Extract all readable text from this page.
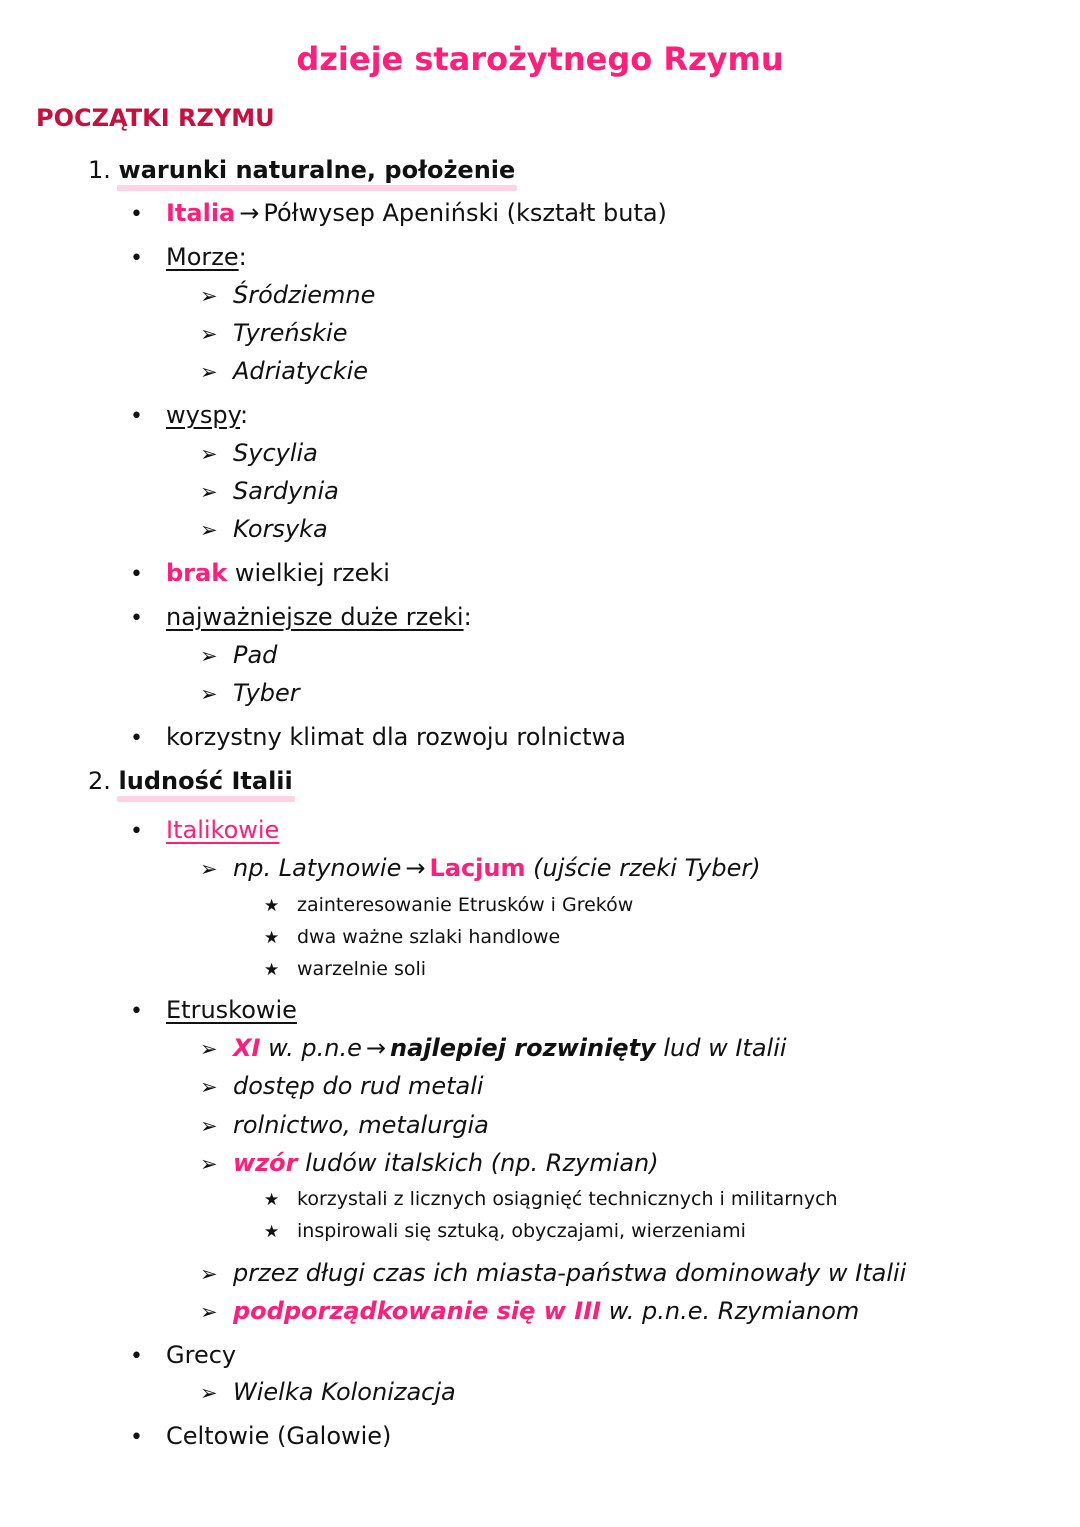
dzieje starożytnego Rzymu
POCZĄTKI RZYMU
1. warunki naturalne, położenie
• Italia → Półwysep Apeniński (kształt buta)
• Morze:
➢ Śródziemne
➢ Tyreńskie
➢ Adriatyckie
• wyspy:
➢ Sycylia
➢ Sardynia
➢ Korsyka
• brak wielkiej rzeki
• najważniejsze duże rzeki:
➢ Pad
➢ Tyber
• korzystny klimat dla rozwoju rolnictwa
2. ludność Italii
• Italikowie
➢ np. Latynowie → Lacjum (ujście rzeki Tyber)
★ zainteresowanie Etrusków i Greków
★ dwa ważne szlaki handlowe
★ warzelnie soli
• Etruskowie
➢ XI w. p.n.e → najlepiej rozwinięty lud w Italii
➢ dostęp do rud metali
➢ rolnictwo, metalurgia
➢ wzór ludów italskich (np. Rzymian)
★ korzystali z licznych osiągnięć technicznych i militarnych
★ inspirowali się sztuką, obyczajami, wierzeniami
➢ przez długi czas ich miasta-państwa dominowały w Italii
➢ podporządkowanie się w III w. p.n.e. Rzymianom
• Grecy
➢ Wielka Kolonizacja
• Celtowie (Galowie)
